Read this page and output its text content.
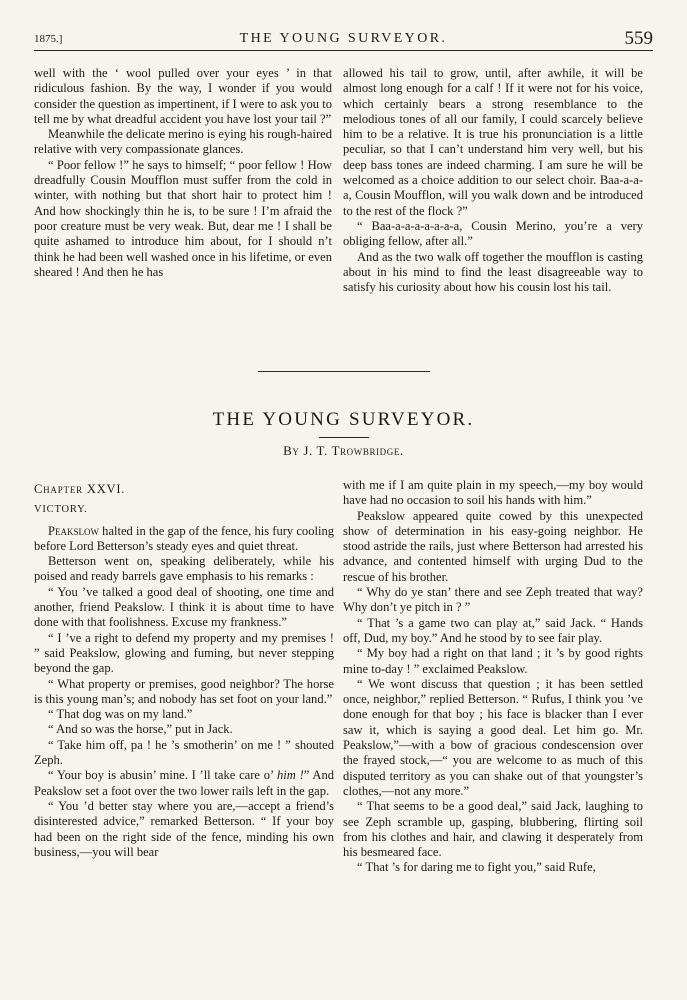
1875.]	THE YOUNG SURVEYOR.	559

well with the ‘ wool pulled over your eyes ’ in that ridiculous fashion. By the way, I wonder if you would consider the question as impertinent, if I were to ask you to tell me by what dreadful accident you have lost your tail ?”

Meanwhile the delicate merino is eying his rough-haired relative with very compassionate glances.

“ Poor fellow !” he says to himself; “ poor fellow ! How dreadfully Cousin Moufflon must suffer from the cold in winter, with nothing but that short hair to protect him ! And how shockingly thin he is, to be sure ! I’m afraid the poor creature must be very weak. But, dear me ! I shall be quite ashamed to introduce him about, for I should n’t think he had been well washed once in his lifetime, or even sheared ! And then he has

allowed his tail to grow, until, after awhile, it will be almost long enough for a calf ! If it were not for his voice, which certainly bears a strong resemblance to the melodious tones of all our family, I could scarcely believe him to be a relative. It is true his pronunciation is a little peculiar, so that I can’t understand him very well, but his deep bass tones are indeed charming. I am sure he will be welcomed as a choice addition to our select choir. Baa-a-a-a, Cousin Moufflon, will you walk down and be introduced to the rest of the flock ?”

“ Baa-a-a-a-a-a-a-a, Cousin Merino, you’re a very obliging fellow, after all.”

And as the two walk off together the moufflon is casting about in his mind to find the least disagreeable way to satisfy his curiosity about how his cousin lost his tail.

THE YOUNG SURVEYOR.
By J. T. Trowbridge.

Chapter XXVI.

VICTORY.

Peakslow halted in the gap of the fence, his fury cooling before Lord Betterson’s steady eyes and quiet threat.

Betterson went on, speaking deliberately, while his poised and ready barrels gave emphasis to his remarks :

“ You ’ve talked a good deal of shooting, one time and another, friend Peakslow. I think it is about time to have done with that foolishness. Excuse my frankness.”

“ I ’ve a right to defend my property and my premises ! ” said Peakslow, glowing and fuming, but never stepping beyond the gap.

“ What property or premises, good neighbor? The horse is this young man’s; and nobody has set foot on your land.”

“ That dog was on my land.”

“ And so was the horse,” put in Jack.

“ Take him off, pa ! he ’s smotherin’ on me ! ” shouted Zeph.

“ Your boy is abusin’ mine. I ’ll take care o’ him !” And Peakslow set a foot over the two lower rails left in the gap.

“ You ’d better stay where you are,—accept a friend’s disinterested advice,” remarked Betterson. “ If your boy had been on the right side of the fence, minding his own business,—you will bear

with me if I am quite plain in my speech,—my boy would have had no occasion to soil his hands with him.”

Peakslow appeared quite cowed by this unexpected show of determination in his easy-going neighbor. He stood astride the rails, just where Betterson had arrested his advance, and contented himself with urging Dud to the rescue of his brother.

“ Why do ye stan’ there and see Zeph treated that way? Why don’t ye pitch in ? ”

“ That ’s a game two can play at,” said Jack. “ Hands off, Dud, my boy.” And he stood by to see fair play.

“ My boy had a right on that land ; it ’s by good rights mine to-day ! ” exclaimed Peakslow.

“ We wont discuss that question ; it has been settled once, neighbor,” replied Betterson. “ Rufus, I think you ’ve done enough for that boy ; his face is blacker than I ever saw it, which is saying a good deal. Let him go. Mr. Peakslow,”—with a bow of gracious condescension over the frayed stock,—“ you are welcome to as much of this disputed territory as you can shake out of that youngster’s clothes,—not any more.”

“ That seems to be a good deal,” said Jack, laughing to see Zeph scramble up, gasping, blubbering, flirting soil from his clothes and hair, and clawing it desperately from his besmeared face.

“ That ’s for daring me to fight you,” said Rufe,
